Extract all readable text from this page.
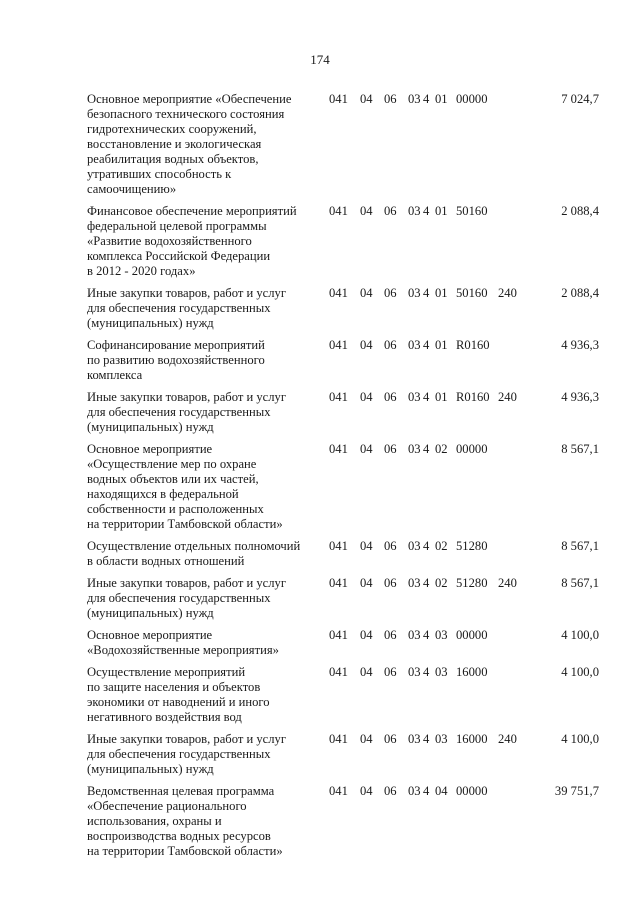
174
Основное мероприятие «Обеспечение
безопасного технического состояния
гидротехнических сооружений,
восстановление и экологическая
реабилитация водных объектов,
утративших способность к
самоочищению»
041 04 06 03 4 01 00000	7 024,7
Финансовое обеспечение мероприятий
федеральной целевой программы
«Развитие водохозяйственного
комплекса Российской Федерации
в 2012 - 2020 годах»
041 04 06 03 4 01 50160	2 088,4
Иные закупки товаров, работ и услуг
для обеспечения государственных
(муниципальных) нужд
041 04 06 03 4 01 50160 240	2 088,4
Софинансирование мероприятий
по развитию водохозяйственного
комплекса
041 04 06 03 4 01 R0160	4 936,3
Иные закупки товаров, работ и услуг
для обеспечения государственных
(муниципальных) нужд
041 04 06 03 4 01 R0160 240	4 936,3
Основное мероприятие
«Осуществление мер по охране
водных объектов или их частей,
находящихся в федеральной
собственности и расположенных
на территории Тамбовской области»
041 04 06 03 4 02 00000	8 567,1
Осуществление отдельных полномочий
в области водных отношений
041 04 06 03 4 02 51280	8 567,1
Иные закупки товаров, работ и услуг
для обеспечения государственных
(муниципальных) нужд
041 04 06 03 4 02 51280 240	8 567,1
Основное мероприятие
«Водохозяйственные мероприятия»
041 04 06 03 4 03 00000	4 100,0
Осуществление мероприятий
по защите населения и объектов
экономики от наводнений и иного
негативного воздействия вод
041 04 06 03 4 03 16000	4 100,0
Иные закупки товаров, работ и услуг
для обеспечения государственных
(муниципальных) нужд
041 04 06 03 4 03 16000 240	4 100,0
Ведомственная целевая программа
«Обеспечение рационального
использования, охраны и
воспроизводства водных ресурсов
на территории Тамбовской области»
041 04 06 03 4 04 00000	39 751,7
